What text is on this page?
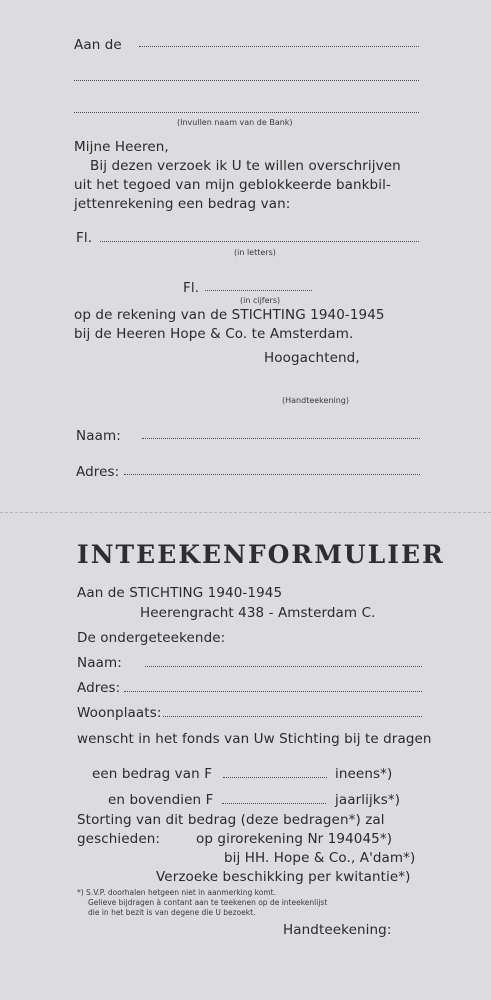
Aan de
(Invullen naam van de Bank)
Mijne Heeren,
Bij dezen verzoek ik U te willen overschrijven
uit het tegoed van mijn geblokkeerde bankbil-
jettenrekening een bedrag van:
Fl.
(in letters)
Fl.
(in cijfers)
op de rekening van de STICHTING 1940-1945
bij de Heeren Hope & Co. te Amsterdam.
Hoogachtend,
(Handteekening)
Naam:
Adres:
INTEEKENFORMULIER
Aan de STICHTING 1940-1945
Heerengracht 438 - Amsterdam C.
De ondergeteekende:
Naam:
Adres:
Woonplaats:
wenscht in het fonds van Uw Stichting bij te dragen
een bedrag van F	ineens*)
en bovendien F	jaarlijks*)
Storting van dit bedrag (deze bedragen*) zal
geschieden:	op girorekening Nr 194045*)
bij HH. Hope & Co., A'dam*)
Verzoeke beschikking per kwitantie*)
*) S.V.P. doorhalen hetgeen niet in aanmerking komt.
Gelieve bijdragen à contant aan te teekenen op de inteekenlijst
die in het bezit is van degene die U bezoekt.
Handteekening:
